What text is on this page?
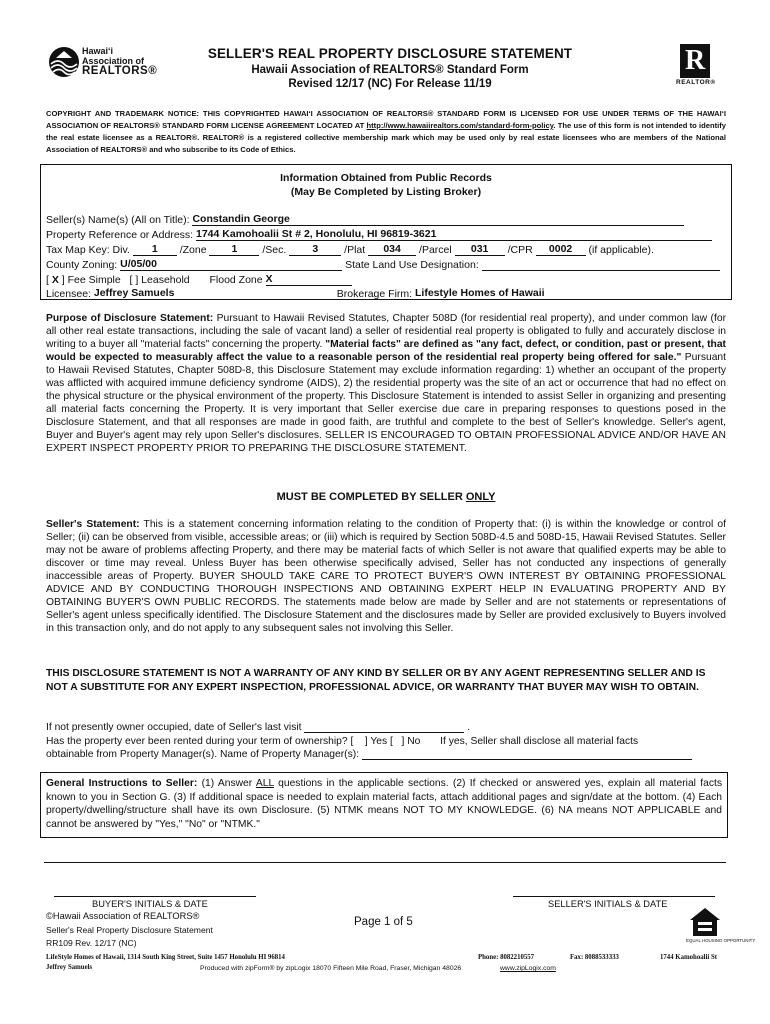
Hawai‘i
Association of
REALTORS®
SELLER'S REAL PROPERTY DISCLOSURE STATEMENT
Hawaii Association of REALTORS® Standard Form
Revised 12/17 (NC) For Release 11/19
R
REALTOR®
COPYRIGHT AND TRADEMARK NOTICE: THIS COPYRIGHTED HAWAI‘I ASSOCIATION OF REALTORS® STANDARD FORM IS LICENSED FOR USE UNDER TERMS OF THE HAWAI‘I ASSOCIATION OF REALTORS® STANDARD FORM LICENSE AGREEMENT LOCATED AT http://www.hawaiirealtors.com/standard-form-policy. The use of this form is not intended to identify the real estate licensee as a REALTOR®. REALTOR® is a registered collective membership mark which may be used only by real estate licensees who are members of the National Association of REALTORS® and who subscribe to its Code of Ethics.
Information Obtained from Public Records
(May Be Completed by Listing Broker)
Seller(s) Name(s) (All on Title): Constandin George
Property Reference or Address: 1744 Kamohoalii St # 2, Honolulu, HI 96819-3621
Tax Map Key: Div. 1 /Zone 1 /Sec. 3 /Plat 034 /Parcel 031 /CPR 0002 (if applicable).
County Zoning: U/05/00	State Land Use Designation:
[ X ] Fee Simple   [ ] Leasehold Flood Zone X
Licensee: Jeffrey Samuels	Brokerage Firm: Lifestyle Homes of Hawaii
Purpose of Disclosure Statement: Pursuant to Hawaii Revised Statutes, Chapter 508D (for residential real property), and under common law (for all other real estate transactions, including the sale of vacant land) a seller of residential real property is obligated to fully and accurately disclose in writing to a buyer all "material facts" concerning the property. "Material facts" are defined as "any fact, defect, or condition, past or present, that would be expected to measurably affect the value to a reasonable person of the residential real property being offered for sale." Pursuant to Hawaii Revised Statutes, Chapter 508D-8, this Disclosure Statement may exclude information regarding: 1) whether an occupant of the property was afflicted with acquired immune deficiency syndrome (AIDS), 2) the residential property was the site of an act or occurrence that had no effect on the physical structure or the physical environment of the property. This Disclosure Statement is intended to assist Seller in organizing and presenting all material facts concerning the Property. It is very important that Seller exercise due care in preparing responses to questions posed in the Disclosure Statement, and that all responses are made in good faith, are truthful and complete to the best of Seller's knowledge. Seller's agent, Buyer and Buyer's agent may rely upon Seller's disclosures. SELLER IS ENCOURAGED TO OBTAIN PROFESSIONAL ADVICE AND/OR HAVE AN EXPERT INSPECT PROPERTY PRIOR TO PREPARING THE DISCLOSURE STATEMENT.
MUST BE COMPLETED BY SELLER ONLY
Seller's Statement: This is a statement concerning information relating to the condition of Property that: (i) is within the knowledge or control of Seller; (ii) can be observed from visible, accessible areas; or (iii) which is required by Section 508D-4.5 and 508D-15, Hawaii Revised Statutes. Seller may not be aware of problems affecting Property, and there may be material facts of which Seller is not aware that qualified experts may be able to discover or time may reveal. Unless Buyer has been otherwise specifically advised, Seller has not conducted any inspections of generally inaccessible areas of Property. BUYER SHOULD TAKE CARE TO PROTECT BUYER'S OWN INTEREST BY OBTAINING PROFESSIONAL ADVICE AND BY CONDUCTING THOROUGH INSPECTIONS AND OBTAINING EXPERT HELP IN EVALUATING PROPERTY AND BY OBTAINING BUYER'S OWN PUBLIC RECORDS. The statements made below are made by Seller and are not statements or representations of Seller's agent unless specifically identified. The Disclosure Statement and the disclosures made by Seller are provided exclusively to Buyers involved in this transaction only, and do not apply to any subsequent sales not involving this Seller.
THIS DISCLOSURE STATEMENT IS NOT A WARRANTY OF ANY KIND BY SELLER OR BY ANY AGENT REPRESENTING SELLER AND IS NOT A SUBSTITUTE FOR ANY EXPERT INSPECTION, PROFESSIONAL ADVICE, OR WARRANTY THAT BUYER MAY WISH TO OBTAIN.
If not presently owner occupied, date of Seller's last visit	.
Has the property ever been rented during your term of ownership? [ ] Yes [ ] No If yes, Seller shall disclose all material facts
obtainable from Property Manager(s). Name of Property Manager(s):
General Instructions to Seller: (1) Answer ALL questions in the applicable sections. (2) If checked or answered yes, explain all material facts known to you in Section G. (3) If additional space is needed to explain material facts, attach additional pages and sign/date at the bottom. (4) Each property/dwelling/structure shall have its own Disclosure. (5) NTMK means NOT TO MY KNOWLEDGE. (6) NA means NOT APPLICABLE and cannot be answered by "Yes," "No" or "NTMK."
BUYER'S INITIALS & DATE	SELLER'S INITIALS & DATE
©Hawaii Association of REALTORS®
Seller's Real Property Disclosure Statement
RR109 Rev. 12/17 (NC)
Page 1 of 5
EQUAL HOUSING OPPORTUNITY
LifeStyle Homes of Hawaii, 1314 South King Street, Suite 1457 Honolulu HI 96814
Jeffrey Samuels
Phone: 8082210557	Fax: 8088533333	1744 Kamohoalii St
Produced with zipForm® by zipLogix 18070 Fifteen Mile Road, Fraser, Michigan 48026	www.zipLogix.com
